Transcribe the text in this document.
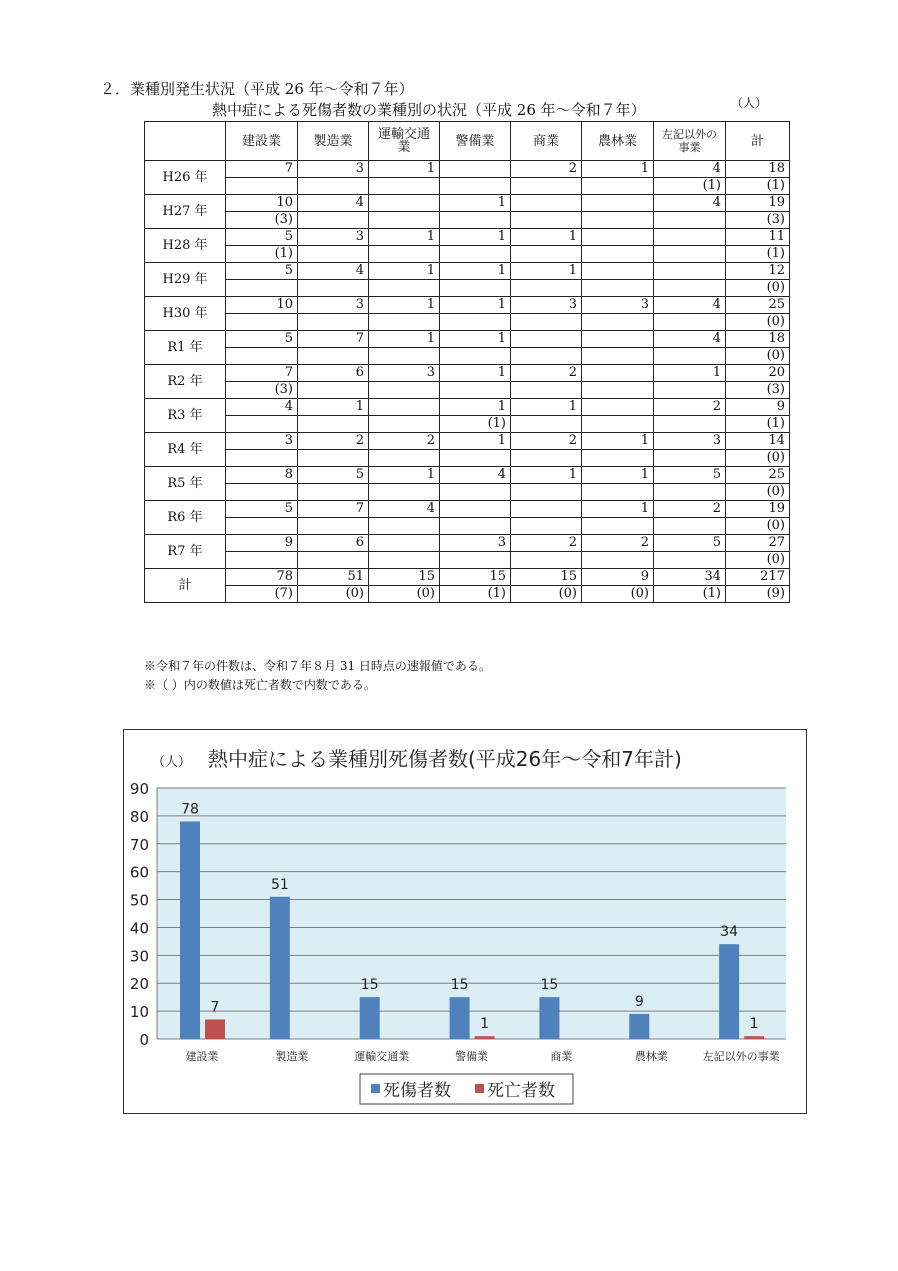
２．業種別発生状況（平成 26 年～令和７年）
熱中症による死傷者数の業種別の状況（平成 26 年～令和７年）	（人）
	建設業	製造業	運輸交通業	警備業	商業	農林業	左記以外の事業	計
H26 年	7	3	1		2	1	4	18
							(1)	(1)
H27 年	10	4		1			4	19
	(3)							(3)
H28 年	5	3	1	1	1			11
	(1)							(1)
H29 年	5	4	1	1	1			12
								(0)
H30 年	10	3	1	1	3	3	4	25
								(0)
R1 年	5	7	1	1			4	18
								(0)
R2 年	7	6	3	1	2		1	20
	(3)							(3)
R3 年	4	1		1	1		2	9
				(1)				(1)
R4 年	3	2	2	1	2	1	3	14
								(0)
R5 年	8	5	1	4	1	1	5	25
								(0)
R6 年	5	7	4			1	2	19
								(0)
R7 年	9	6		3	2	2	5	27
								(0)
計	78	51	15	15	15	9	34	217
	(7)	(0)	(0)	(1)	(0)	(0)	(1)	(9)
※令和７年の件数は、令和７年８月 31 日時点の速報値である。
※（ ）内の数値は死亡者数で内数である。
（人） 熱中症による業種別死傷者数(平成26年～令和7年計)
0
10
20
30
40
50
60
70
80
90
78
7
建設業
51
製造業
15
運輸交通業
15
1
警備業
15
商業
9
農林業
34
1
左記以外の事業
死傷者数 死亡者数
